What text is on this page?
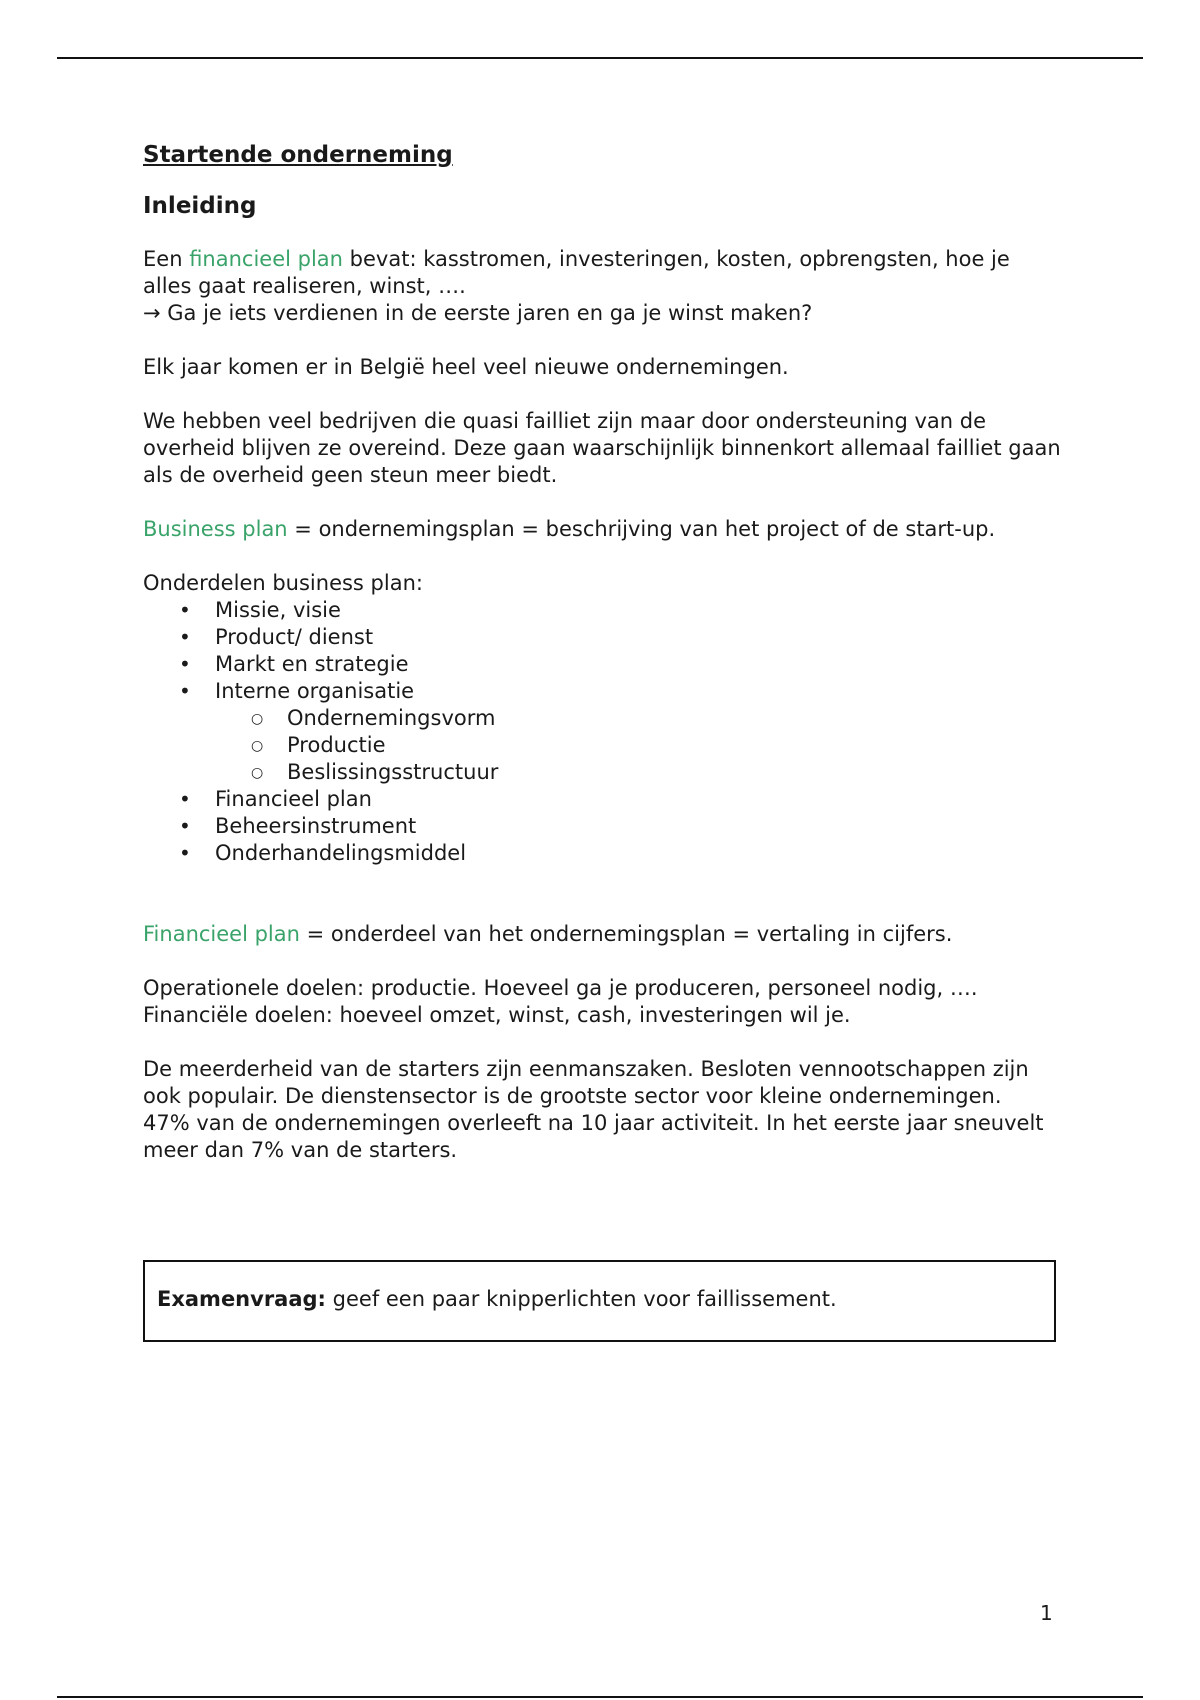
Startende onderneming
Inleiding

Een financieel plan bevat: kasstromen, investeringen, kosten, opbrengsten, hoe je alles gaat realiseren, winst, ….
→ Ga je iets verdienen in de eerste jaren en ga je winst maken?

Elk jaar komen er in België heel veel nieuwe ondernemingen.

We hebben veel bedrijven die quasi failliet zijn maar door ondersteuning van de overheid blijven ze overeind. Deze gaan waarschijnlijk binnenkort allemaal failliet gaan als de overheid geen steun meer biedt.

Business plan = ondernemingsplan = beschrijving van het project of de start-up.

Onderdelen business plan:
• Missie, visie
• Product/ dienst
• Markt en strategie
• Interne organisatie
○ Ondernemingsvorm
○ Productie
○ Beslissingsstructuur
• Financieel plan
• Beheersinstrument
• Onderhandelingsmiddel

Financieel plan = onderdeel van het ondernemingsplan = vertaling in cijfers.

Operationele doelen: productie. Hoeveel ga je produceren, personeel nodig, ….
Financiële doelen: hoeveel omzet, winst, cash, investeringen wil je.

De meerderheid van de starters zijn eenmanszaken. Besloten vennootschappen zijn ook populair. De dienstensector is de grootste sector voor kleine ondernemingen.
47% van de ondernemingen overleeft na 10 jaar activiteit. In het eerste jaar sneuvelt meer dan 7% van de starters.

Examenvraag: geef een paar knipperlichten voor faillissement.
1
